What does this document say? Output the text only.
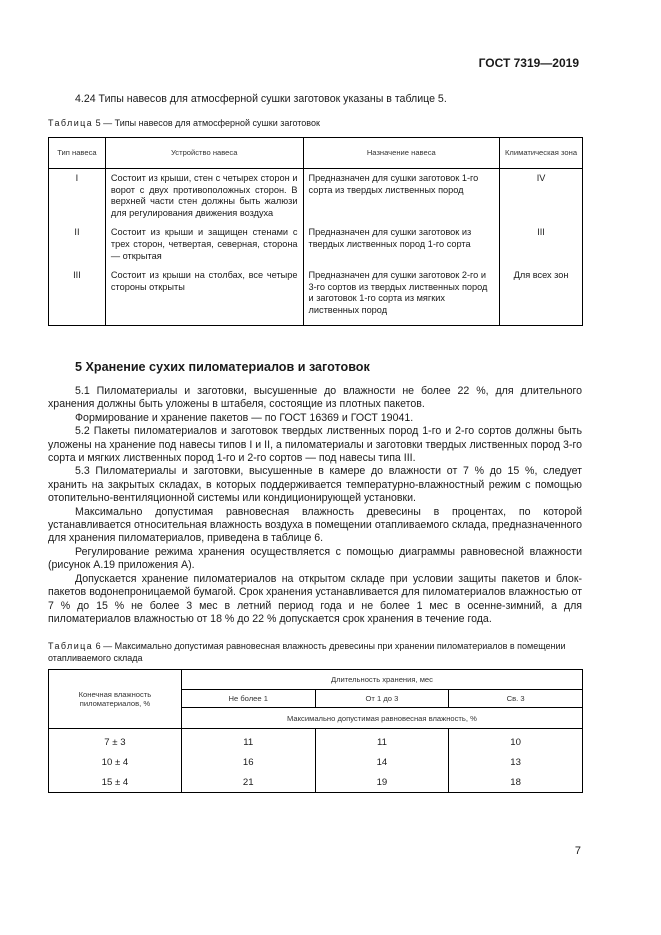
ГОСТ 7319—2019
4.24 Типы навесов для атмосферной сушки заготовок указаны в таблице 5.
Таблица 5 — Типы навесов для атмосферной сушки заготовок
Тип навеса	Устройство навеса	Назначение навеса	Климатическая зона
I	Состоит из крыши, стен с четырех сторон и ворот с двух противоположных сторон. В верхней части стен должны быть жалюзи для регулирования движения воздуха	Предназначен для сушки заготовок 1-го сорта из твердых лиственных пород	IV
II	Состоит из крыши и защищен стенами с трех сторон, четвертая, северная, сторона — открытая	Предназначен для сушки заготовок из твердых лиственных пород 1-го сорта	III
III	Состоит из крыши на столбах, все четыре стороны открыты	Предназначен для сушки заготовок 2-го и 3-го сортов из твердых лиственных пород и заготовок 1-го сорта из мягких лиственных пород	Для всех зон
5 Хранение сухих пиломатериалов и заготовок
5.1 Пиломатериалы и заготовки, высушенные до влажности не более 22 %, для длительного хранения должны быть уложены в штабеля, состоящие из плотных пакетов.
Формирование и хранение пакетов — по ГОСТ 16369 и ГОСТ 19041.
5.2 Пакеты пиломатериалов и заготовок твердых лиственных пород 1-го и 2-го сортов должны быть уложены на хранение под навесы типов I и II, а пиломатериалы и заготовки твердых лиственных пород 3-го сорта и мягких лиственных пород 1-го и 2-го сортов — под навесы типа III.
5.3 Пиломатериалы и заготовки, высушенные в камере до влажности от 7 % до 15 %, следует хранить на закрытых складах, в которых поддерживается температурно-влажностный режим с помощью отопительно-вентиляционной системы или кондиционирующей установки.
Максимально допустимая равновесная влажность древесины в процентах, по которой устанавливается относительная влажность воздуха в помещении отапливаемого склада, предназначенного для хранения пиломатериалов, приведена в таблице 6.
Регулирование режима хранения осуществляется с помощью диаграммы равновесной влажности (рисунок А.19 приложения А).
Допускается хранение пиломатериалов на открытом складе при условии защиты пакетов и блок-пакетов водонепроницаемой бумагой. Срок хранения устанавливается для пиломатериалов влажностью от 7 % до 15 % не более 3 мес в летний период года и не более 1 мес в осенне-зимний, а для пиломатериалов влажностью от 18 % до 22 % допускается срок хранения в течение года.
Таблица 6 — Максимально допустимая равновесная влажность древесины при хранении пиломатериалов в помещении отапливаемого склада
Конечная влажность пиломатериалов, %	Длительность хранения, мес		
	Не более 1	От 1 до 3	Св. 3
	Максимально допустимая равновесная влажность, %		
7 ± 3	11	11	10
10 ± 4	16	14	13
15 ± 4	21	19	18
7
